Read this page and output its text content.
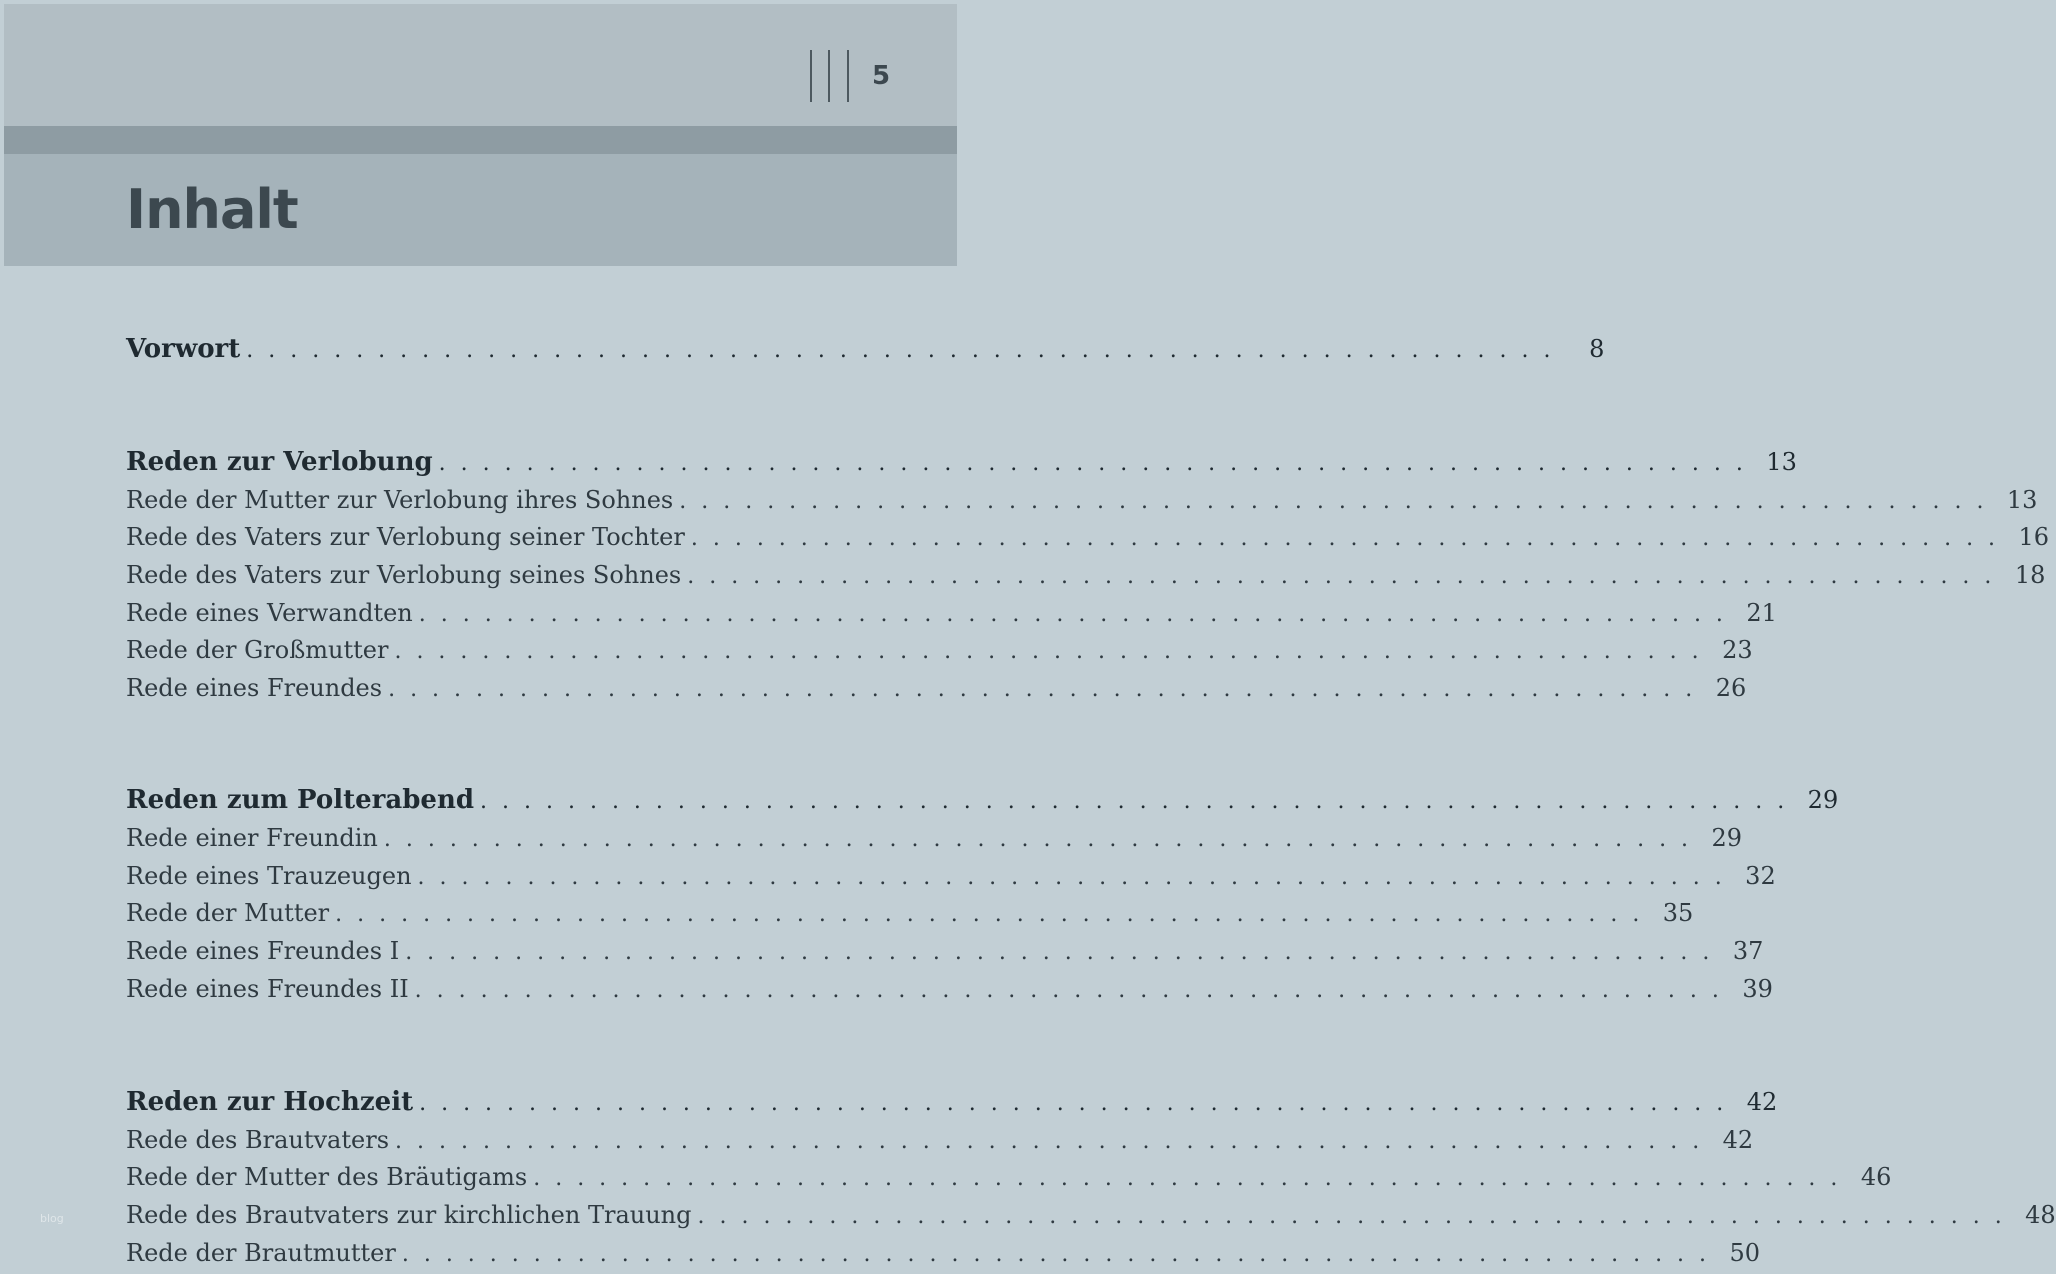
5
Inhalt
Vorwort . . . . . . . . . . . . . . . . . . . . . . . . . . . . . . . . . . . . . . . . . . . . . . . . . . . . . . . . . . . .	8
Reden zur Verlobung . . . . . . . . . . . . . . . . . . . . . . . . . . . . . . . . . . . . . . . . . . . . . . . . . . . . . . . . . . . . 13
Rede der Mutter zur Verlobung ihres Sohnes . . . . . . . . . . . . . . . . . . . . . . . . . . . . . . . . . . . . . . . . . . . . . . . . . . . . . . . . . . . . 13
Rede des Vaters zur Verlobung seiner Tochter . . . . . . . . . . . . . . . . . . . . . . . . . . . . . . . . . . . . . . . . . . . . . . . . . . . . . . . . . . . . 16
Rede des Vaters zur Verlobung seines Sohnes . . . . . . . . . . . . . . . . . . . . . . . . . . . . . . . . . . . . . . . . . . . . . . . . . . . . . . . . . . . . 18
Rede eines Verwandten . . . . . . . . . . . . . . . . . . . . . . . . . . . . . . . . . . . . . . . . . . . . . . . . . . . . . . . . . . . . 21
Rede der Großmutter . . . . . . . . . . . . . . . . . . . . . . . . . . . . . . . . . . . . . . . . . . . . . . . . . . . . . . . . . . . . 23
Rede eines Freundes . . . . . . . . . . . . . . . . . . . . . . . . . . . . . . . . . . . . . . . . . . . . . . . . . . . . . . . . . . . . 26
Reden zum Polterabend . . . . . . . . . . . . . . . . . . . . . . . . . . . . . . . . . . . . . . . . . . . . . . . . . . . . . . . . . . . . 29
Rede einer Freundin . . . . . . . . . . . . . . . . . . . . . . . . . . . . . . . . . . . . . . . . . . . . . . . . . . . . . . . . . . . . 29
Rede eines Trauzeugen . . . . . . . . . . . . . . . . . . . . . . . . . . . . . . . . . . . . . . . . . . . . . . . . . . . . . . . . . . . . 32
Rede der Mutter . . . . . . . . . . . . . . . . . . . . . . . . . . . . . . . . . . . . . . . . . . . . . . . . . . . . . . . . . . . . 35
Rede eines Freundes I . . . . . . . . . . . . . . . . . . . . . . . . . . . . . . . . . . . . . . . . . . . . . . . . . . . . . . . . . . . . 37
Rede eines Freundes II . . . . . . . . . . . . . . . . . . . . . . . . . . . . . . . . . . . . . . . . . . . . . . . . . . . . . . . . . . . . 39
Reden zur Hochzeit . . . . . . . . . . . . . . . . . . . . . . . . . . . . . . . . . . . . . . . . . . . . . . . . . . . . . . . . . . . . 42
Rede des Brautvaters . . . . . . . . . . . . . . . . . . . . . . . . . . . . . . . . . . . . . . . . . . . . . . . . . . . . . . . . . . . . 42
Rede der Mutter des Bräutigams . . . . . . . . . . . . . . . . . . . . . . . . . . . . . . . . . . . . . . . . . . . . . . . . . . . . . . . . . . . . 46
Rede des Brautvaters zur kirchlichen Trauung . . . . . . . . . . . . . . . . . . . . . . . . . . . . . . . . . . . . . . . . . . . . . . . . . . . . . . . . . . . . 48
Rede der Brautmutter . . . . . . . . . . . . . . . . . . . . . . . . . . . . . . . . . . . . . . . . . . . . . . . . . . . . . . . . . . . . 50
blog
